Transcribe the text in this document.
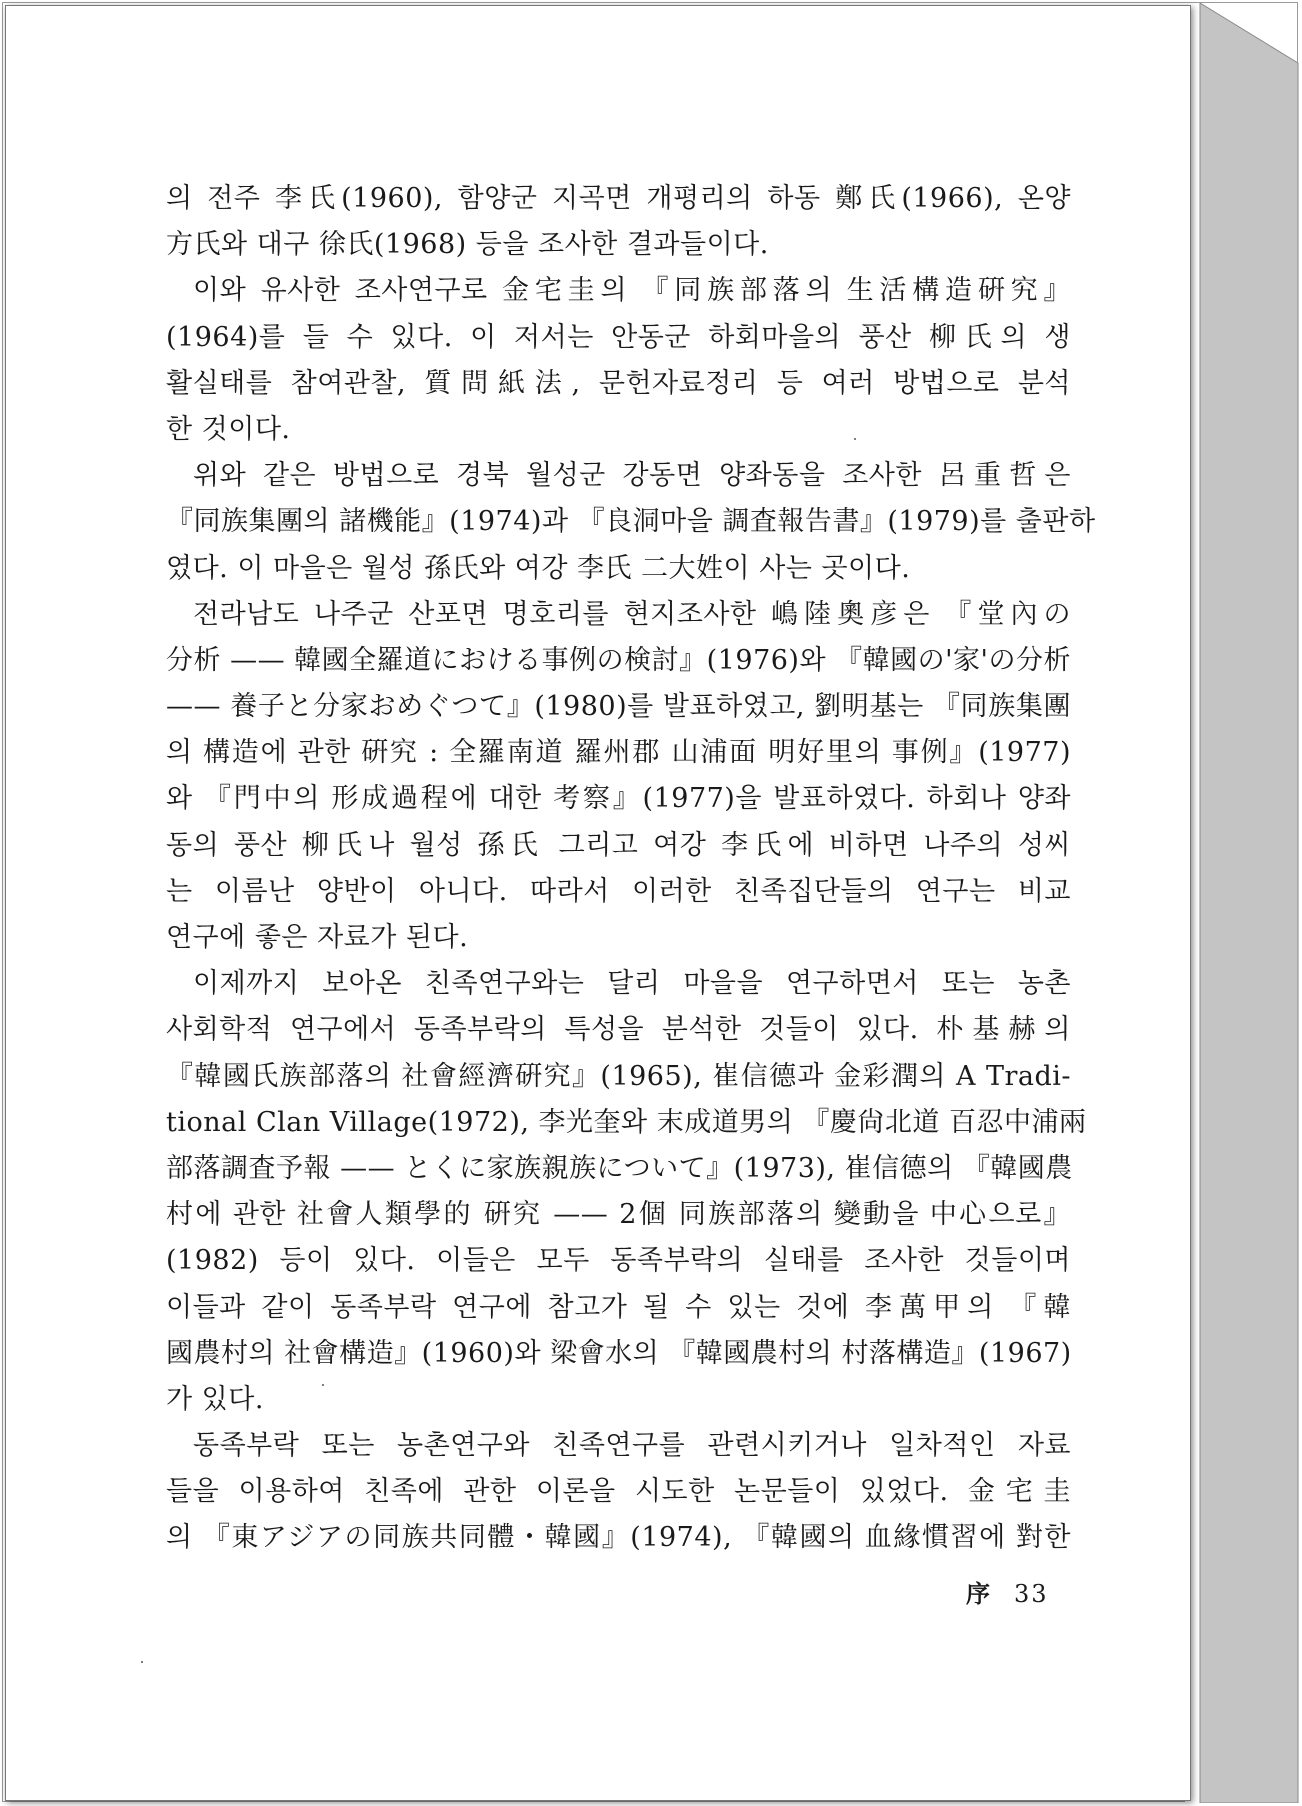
의 전주 李氏(1960), 함양군 지곡면 개평리의 하동 鄭氏(1966), 온양
方氏와 대구 徐氏(1968) 등을 조사한 결과들이다.
이와 유사한 조사연구로 金宅圭의 『同族部落의 生活構造硏究』
(1964)를 들 수 있다. 이 저서는 안동군 하회마을의 풍산 柳氏의 생
활실태를 참여관찰, 質問紙法, 문헌자료정리 등 여러 방법으로 분석
한 것이다.
위와 같은 방법으로 경북 월성군 강동면 양좌동을 조사한 呂重哲은
『同族集團의 諸機能』(1974)과 『良洞마을 調査報告書』(1979)를 출판하
였다. 이 마을은 월성 孫氏와 여강 李氏 二大姓이 사는 곳이다.
전라남도 나주군 산포면 명호리를 현지조사한 嶋陸奧彦은 『堂內の
分析 —— 韓國全羅道における事例の検討』(1976)와 『韓國の'家'の分析
—— 養子と分家おめぐつて』(1980)를 발표하였고, 劉明基는 『同族集團
의 構造에 관한 硏究 : 全羅南道 羅州郡 山浦面 明好里의 事例』(1977)
와 『門中의 形成過程에 대한 考察』(1977)을 발표하였다. 하회나 양좌
동의 풍산 柳氏나 월성 孫氏 그리고 여강 李氏에 비하면 나주의 성씨
는 이름난 양반이 아니다. 따라서 이러한 친족집단들의 연구는 비교
연구에 좋은 자료가 된다.
이제까지 보아온 친족연구와는 달리 마을을 연구하면서 또는 농촌
사회학적 연구에서 동족부락의 특성을 분석한 것들이 있다. 朴基赫의
『韓國氏族部落의 社會經濟硏究』(1965), 崔信德과 金彩潤의 A Tradi-
tional Clan Village(1972), 李光奎와 末成道男의 『慶尙北道 百忍中浦兩
部落調査予報 —— とくに家族親族について』(1973), 崔信德의 『韓國農
村에 관한 社會人類學的 硏究 —— 2個 同族部落의 變動을 中心으로』
(1982) 등이 있다. 이들은 모두 동족부락의 실태를 조사한 것들이며
이들과 같이 동족부락 연구에 참고가 될 수 있는 것에 李萬甲의 『韓
國農村의 社會構造』(1960)와 梁會水의 『韓國農村의 村落構造』(1967)
가 있다.
동족부락 또는 농촌연구와 친족연구를 관련시키거나 일차적인 자료
들을 이용하여 친족에 관한 이론을 시도한 논문들이 있었다. 金宅圭
의 『東アジアの同族共同體・韓國』(1974), 『韓國의 血緣慣習에 對한
序 33
